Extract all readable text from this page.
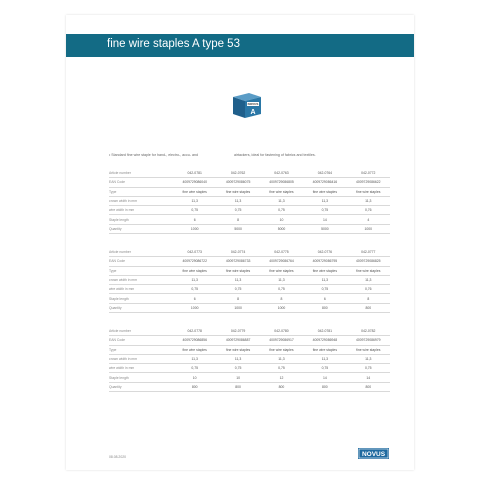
fine wire staples A type 53
NOVUS
A
• Standard fine wire staple for hand-, electro-, accu- and	airtackers, ideal for fastening of fabrics and textiles.
Article number	042-0781	042-0762	042-0763	042-0764	042-0772
EAN Code	4009729086040	4009729086075	4009729086805	4009729086416	4009729086622
Type	fine wire staples	fine wire staples	fine wire staples	fine wire staples	fine wire staples
crown width in mm	11,3	11,3	11,3	11,3	11,3
wire width in mm	0,75	0,75	0,75	0,75	0,76
Staple length	6	8	10	14	4
Quantity	1000	5000	5000	5000	1000
Article number	042-0773	042-0774	042-0775	042-0776	042-0777
EAN Code	4009729086722	4009729086733	4009729086764	4009729086795	4009729086825
Type	fine wire staples	fine wire staples	fine wire staples	fine wire staples	fine wire staples
crown width in mm	11,3	11,3	11,3	11,3	11,3
wire width in mm	0,75	0,75	0,75	0,75	0,76
Staple length	6	8	8	6	8
Quantity	1000	1000	1000	800	800
Article number	042-0778	042-0779	042-0780	042-0781	042-0782
EAN Code	4009729086856	4009729086887	4009729086917	4009729086948	4009729086979
Type	fine wire staples	fine wire staples	fine wire staples	fine wire staples	fine wire staples
crown width in mm	11,3	11,3	11,3	11,3	11,3
wire width in mm	0,75	0,75	0,75	0,75	0,75
Staple length	10	10	12	14	14
Quantity	800	800	800	800	800
08.08.2020	NOVUS
